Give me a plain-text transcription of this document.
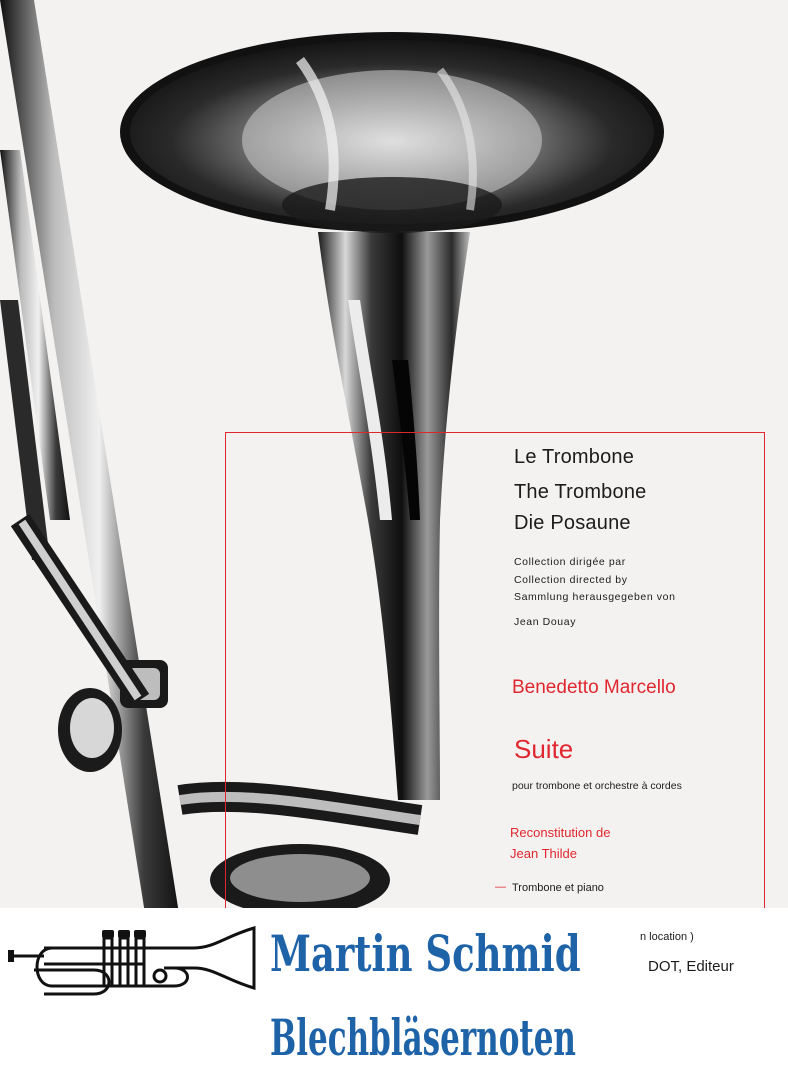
Le Trombone

The Trombone

Die Posaune

Collection dirigée par

Collection directed by

Sammlung herausgegeben von

Jean Douay

Benedetto Marcello

Suite

pour trombone et orchestre à cordes

Reconstitution de

Jean Thilde

— Trombone et piano

n location )

DOT, Editeur

Martin Schmid

Blechbläsernoten
